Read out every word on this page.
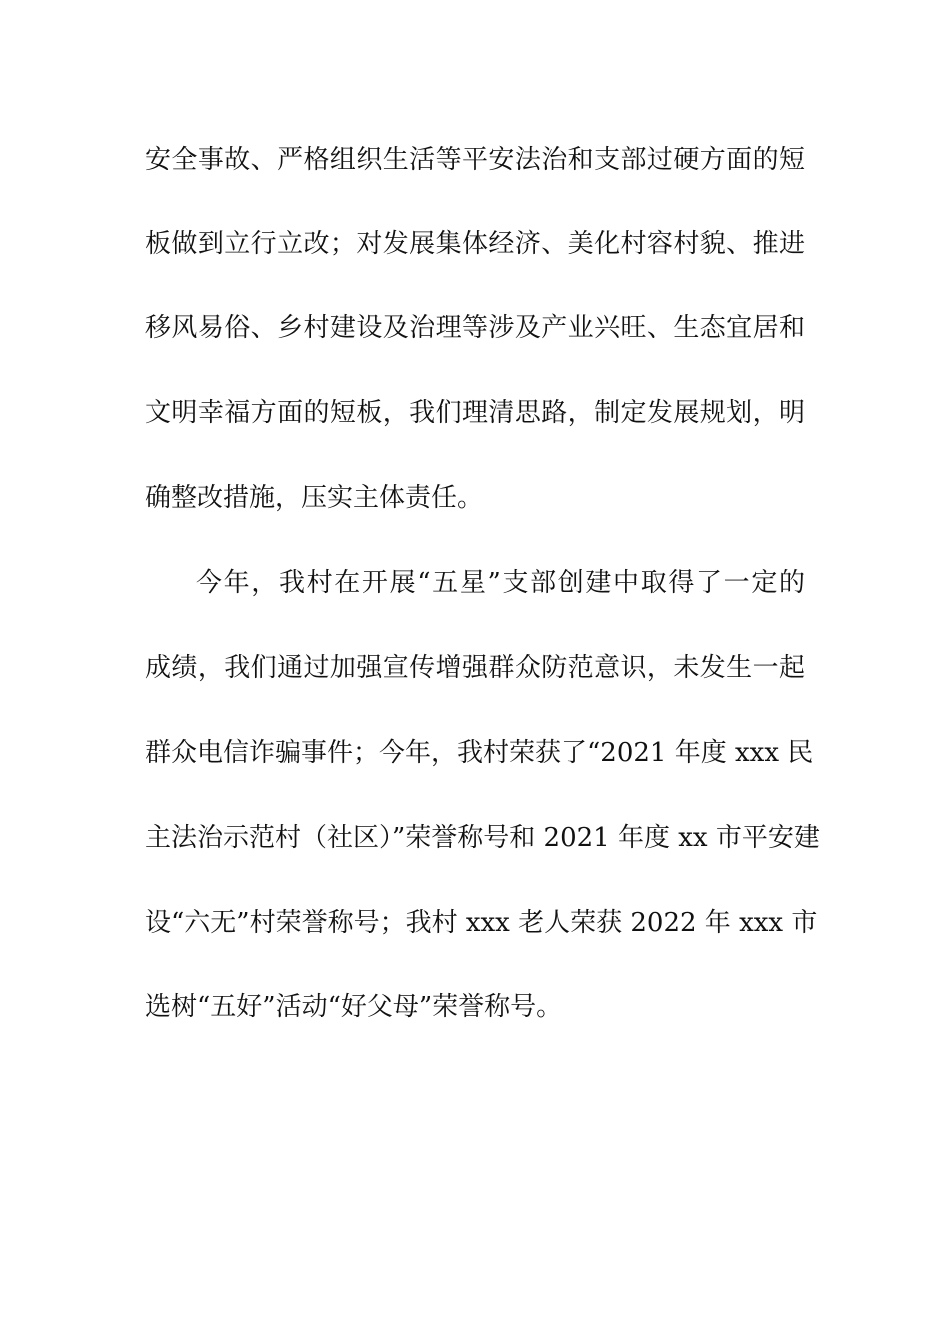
安全事故、严格组织生活等平安法治和支部过硬方面的短
板做到立行立改；对发展集体经济、美化村容村貌、推进
移风易俗、乡村建设及治理等涉及产业兴旺、生态宜居和
文明幸福方面的短板，我们理清思路，制定发展规划，明
确整改措施，压实主体责任。
今年，我村在开展“五星”支部创建中取得了一定的
成绩，我们通过加强宣传增强群众防范意识，未发生一起
群众电信诈骗事件；今年，我村荣获了“2021 年度 xxx 民
主法治示范村（社区）”荣誉称号和 2021 年度 xx 市平安建
设“六无”村荣誉称号；我村 xxx 老人荣获 2022 年 xxx 市
选树“五好”活动“好父母”荣誉称号。
